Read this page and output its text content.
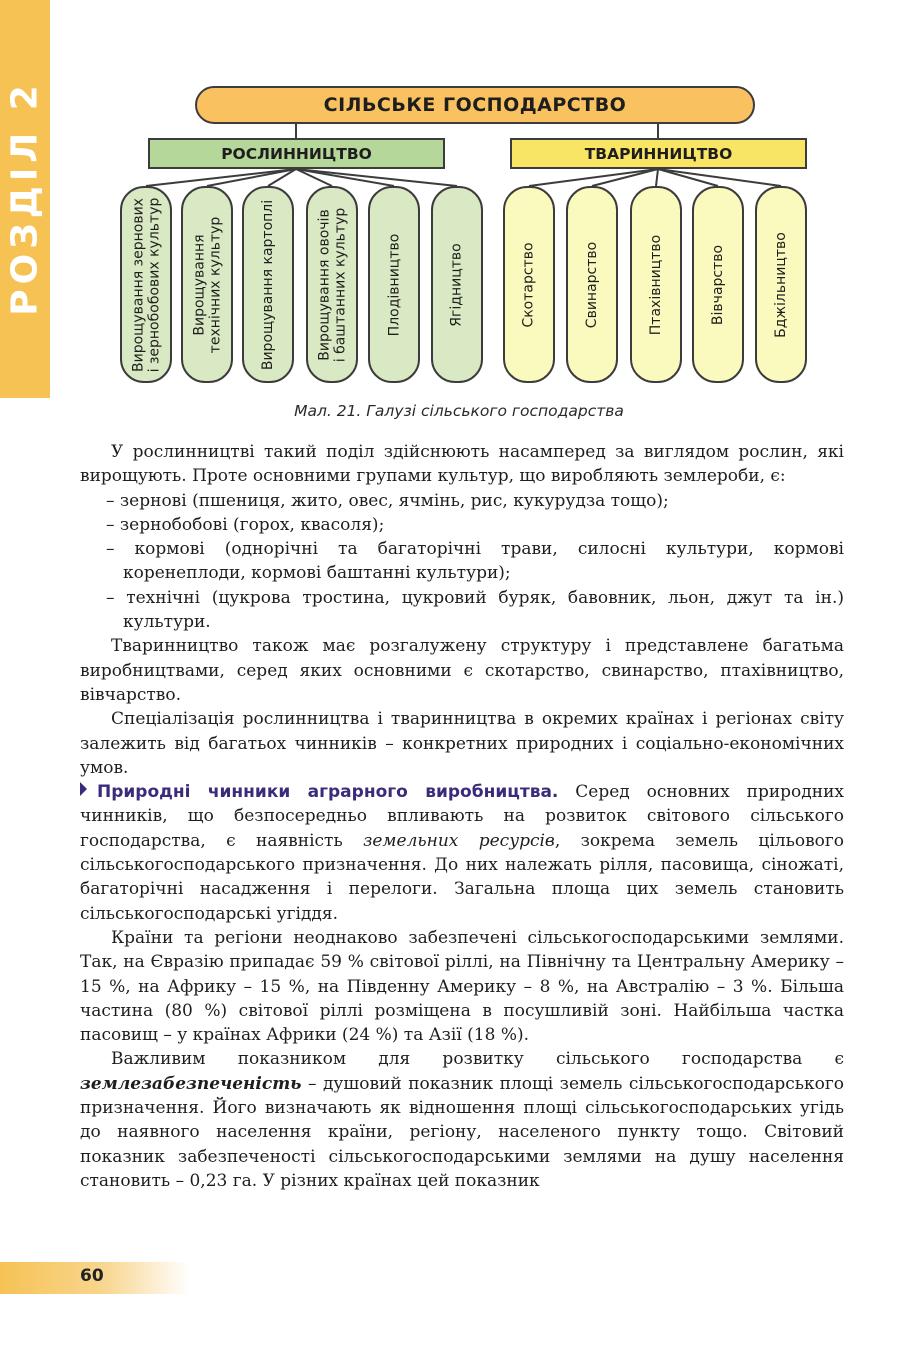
РОЗДІЛ 2	СІЛЬСЬКЕ ГОСПОДАРСТВО
РОСЛИННИЦТВО	ТВАРИННИЦТВО
Вирощування зернових і зернобобових культур Вирощування технічних культур	Вирощування картоплі	Вирощування овочів і баштанних культур	Плодівництво	Ягідництво	Скотарство	Свинарство	Птахівництво	Вівчарство	Бджільництво
Мал. 21. Галузі сільського господарства

У рослинництві такий поділ здійснюють насамперед за виглядом рослин, які вирощують. Проте основними групами культур, що виробляють землероби, є:

– зернові (пшениця, жито, овес, ячмінь, рис, кукурудза тощо);

– зернобобові (горох, квасоля);

– кормові (однорічні та багаторічні трави, силосні культури, кормові коренеплоди, кормові баштанні культури);

– технічні (цукрова тростина, цукровий буряк, бавовник, льон, джут та ін.) культури.

Тваринництво також має розгалужену структуру і представлене багатьма виробництвами, серед яких основними є скотарство, свинарство, птахівництво, вівчарство.

Спеціалізація рослинництва і тваринництва в окремих країнах і регіонах світу залежить від багатьох чинників – конкретних природних і соціально-економічних умов.

Природні чинники аграрного виробництва. Серед основних природних чинників, що безпосередньо впливають на розвиток світового сільського господарства, є наявність земельних ресурсів, зокрема земель цільового сільськогосподарського призначення. До них належать рілля, пасовища, сіножаті, багаторічні насадження і перелоги. Загальна площа цих земель становить сільськогосподарські угіддя.

Країни та регіони неоднаково забезпечені сільськогосподарськими землями. Так, на Євразію припадає 59 % світової ріллі, на Північну та Центральну Америку – 15 %, на Африку – 15 %, на Південну Америку – 8 %, на Австралію – 3 %. Більша частина (80 %) світової ріллі розміщена в посушливій зоні. Найбільша частка пасовищ – у країнах Африки (24 %) та Азії (18 %).

Важливим показником для розвитку сільського господарства є землезабезпеченість – душовий показник площі земель сільськогосподарського призначення. Його визначають як відношення площі сільськогосподарських угідь до наявного населення країни, регіону, населеного пункту тощо. Світовий показник забезпеченості сільськогосподарськими землями на душу населення становить – 0,23 га. У різних країнах цей показник

60
